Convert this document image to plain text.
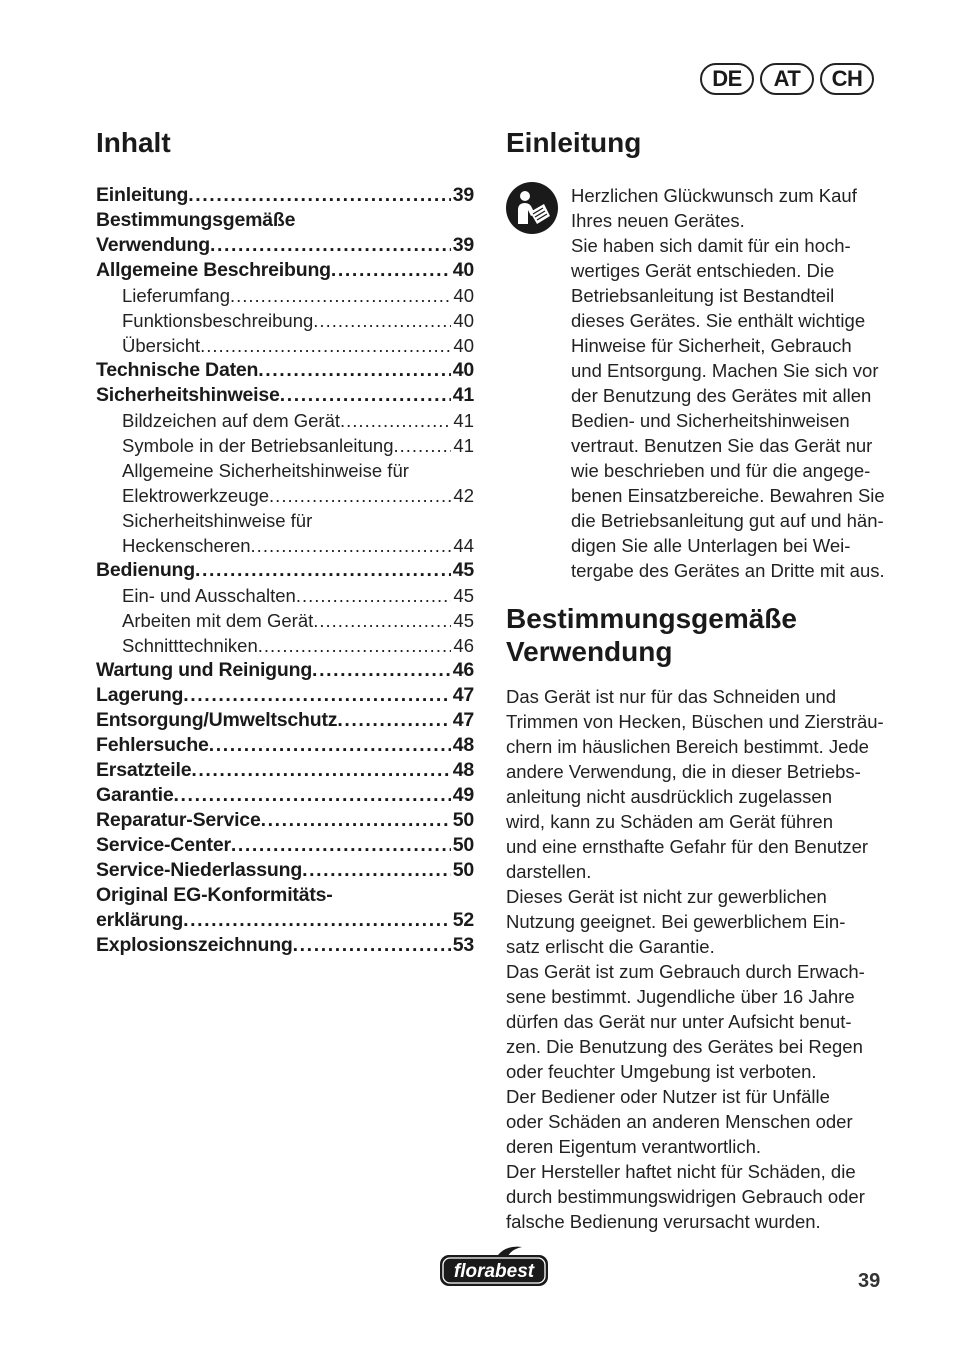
DE	AT	CH
Inhalt
Einleitung .....	39
Bestimmungsgemäße
Verwendung .....	39
Allgemeine Beschreibung .....	40
Lieferumfang .....	40
Funktionsbeschreibung .....	40
Übersicht .....	40
Technische Daten .....	40
Sicherheitshinweise .....	41
Bildzeichen auf dem Gerät .....	41
Symbole in der Betriebsanleitung .....	41
Allgemeine Sicherheitshinweise für
Elektrowerkzeuge .....	42
Sicherheitshinweise für
Heckenscheren .....	44
Bedienung .....	45
Ein- und Ausschalten .....	45
Arbeiten mit dem Gerät .....	45
Schnitttechniken .....	46
Wartung und Reinigung .....	46
Lagerung .....	47
Entsorgung/Umweltschutz .....	47
Fehlersuche .....	48
Ersatzteile .....	48
Garantie .....	49
Reparatur-Service .....	50
Service-Center .....	50
Service-Niederlassung .....	50
Original EG-Konformitäts-
erklärung .....	52
Explosionszeichnung .....	53
Einleitung

Herzlichen Glückwunsch zum Kauf
Ihres neuen Gerätes.
Sie haben sich damit für ein hoch-
wertiges Gerät entschieden. Die
Betriebsanleitung ist Bestandteil
dieses Gerätes. Sie enthält wichtige
Hinweise für Sicherheit, Gebrauch
und Entsorgung. Machen Sie sich vor
der Benutzung des Gerätes mit allen
Bedien- und Sicherheitshinweisen
vertraut. Benutzen Sie das Gerät nur
wie beschrieben und für die angege-
benen Einsatzbereiche. Bewahren Sie
die Betriebsanleitung gut auf und hän-
digen Sie alle Unterlagen bei Wei-
tergabe des Gerätes an Dritte mit aus.

Bestimmungsgemäße Verwendung

Das Gerät ist nur für das Schneiden und
Trimmen von Hecken, Büschen und Ziersträu-
chern im häuslichen Bereich bestimmt. Jede
andere Verwendung, die in dieser Betriebs-
anleitung nicht ausdrücklich zugelassen
wird, kann zu Schäden am Gerät führen
und eine ernsthafte Gefahr für den Benutzer
darstellen.
Dieses Gerät ist nicht zur gewerblichen
Nutzung geeignet. Bei gewerblichem Ein-
satz erlischt die Garantie.
Das Gerät ist zum Gebrauch durch Erwach-
sene bestimmt. Jugendliche über 16 Jahre
dürfen das Gerät nur unter Aufsicht benut-
zen. Die Benutzung des Gerätes bei Regen
oder feuchter Umgebung ist verboten.
Der Bediener oder Nutzer ist für Unfälle
oder Schäden an anderen Menschen oder
deren Eigentum verantwortlich.
Der Hersteller haftet nicht für Schäden, die
durch bestimmungswidrigen Gebrauch oder
falsche Bedienung verursacht wurden.

florabest	39
